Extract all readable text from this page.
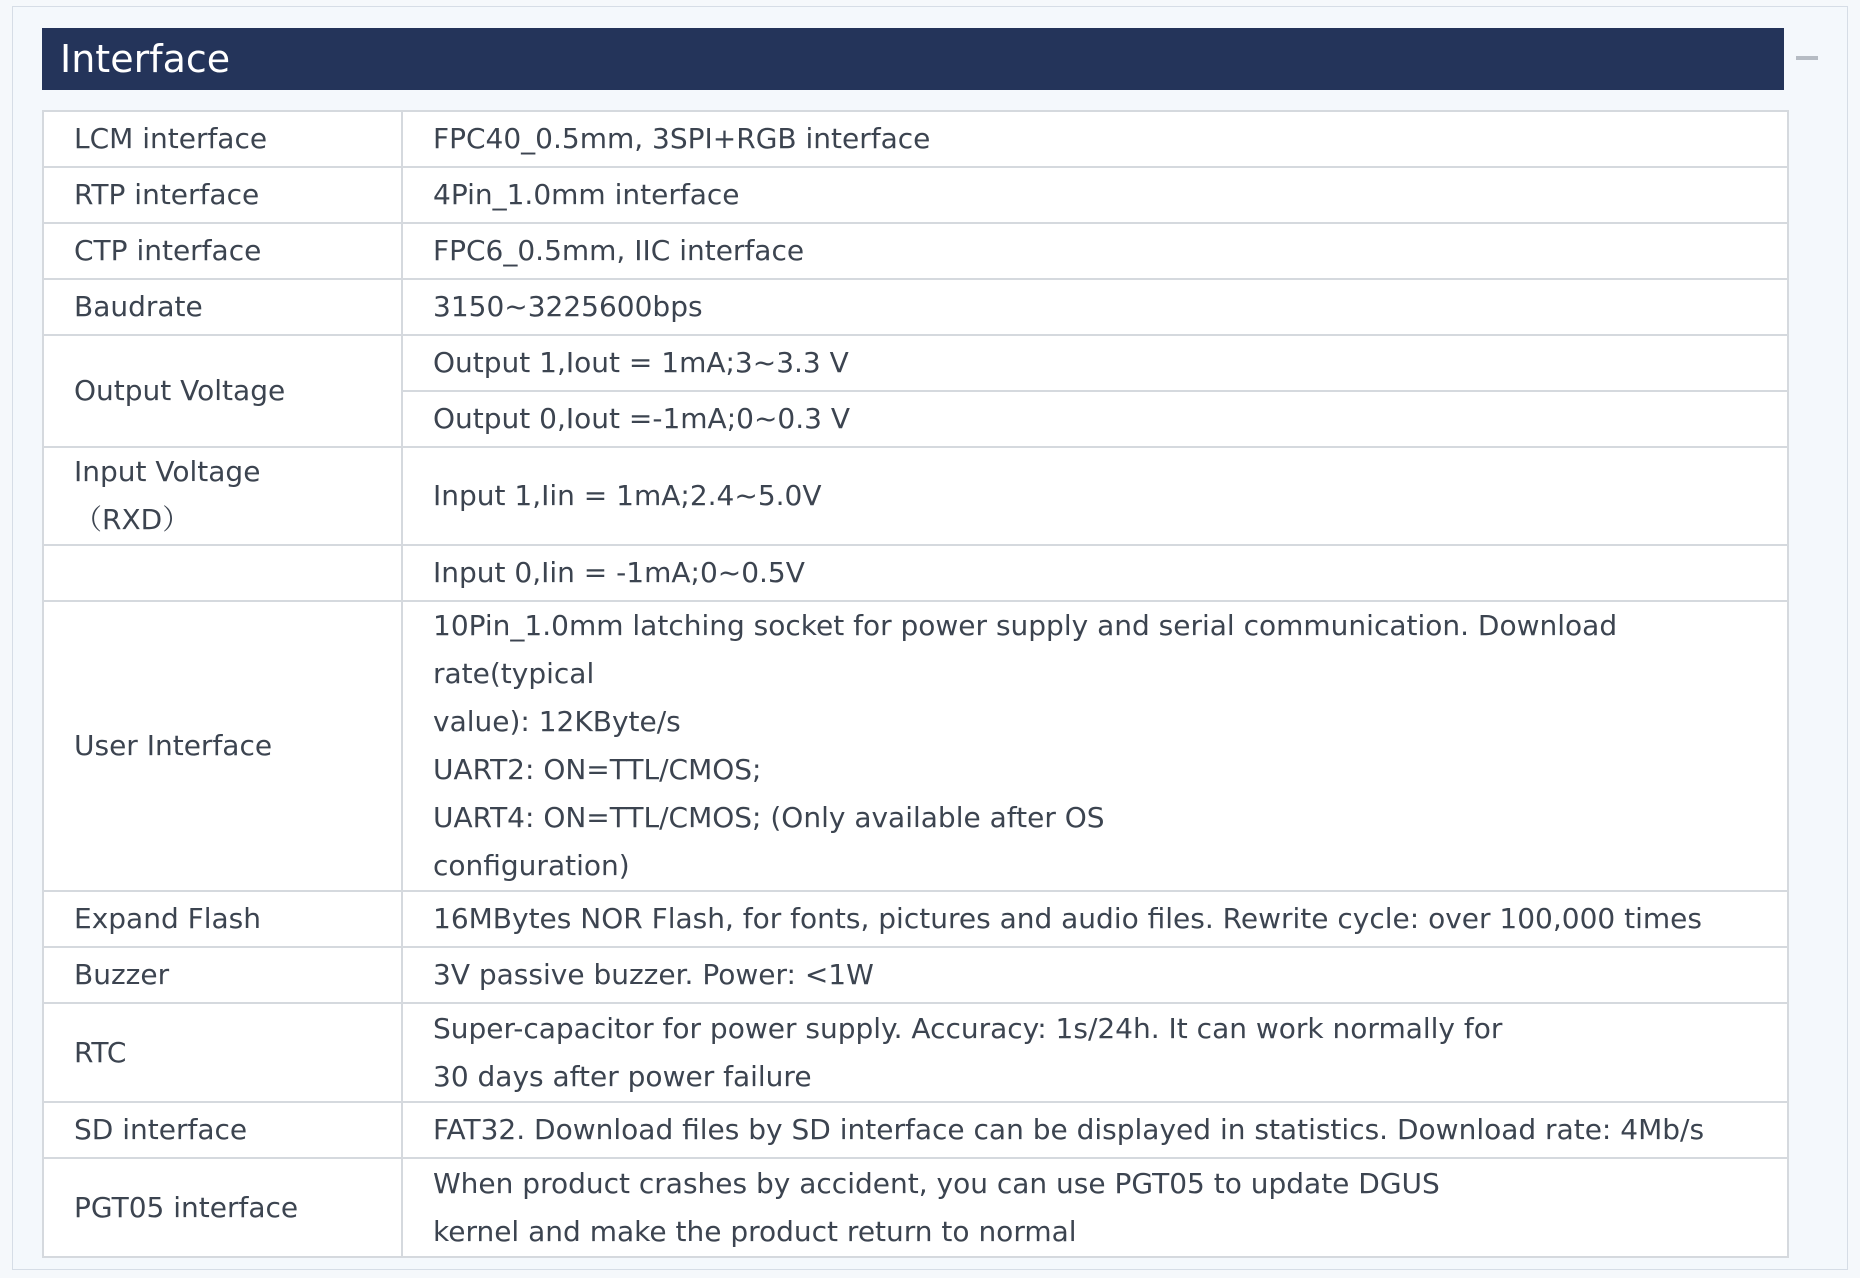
Interface
LCM interface	FPC40_0.5mm, 3SPI+RGB interface
RTP interface	4Pin_1.0mm interface
CTP interface	FPC6_0.5mm, IIC interface
Baudrate	3150~3225600bps
Output Voltage	Output 1,Iout = 1mA;3~3.3 V
	Output 0,Iout =-1mA;0~0.3 V

Input Voltage
（RXD）	Input 1,Iin = 1mA;2.4~5.0V
	Input 0,Iin = -1mA;0~0.5V
User Interface	10Pin_1.0mm latching socket for power supply and serial communication. Download rate(typical
value): 12KByte/s
UART2: ON=TTL/CMOS;
UART4: ON=TTL/CMOS; (Only available after OS
configuration)

Expand Flash	16MBytes NOR Flash, for fonts, pictures and audio files. Rewrite cycle: over 100,000 times
Buzzer	3V passive buzzer. Power: <1W
RTC	Super-capacitor for power supply. Accuracy: 1s/24h. It can work normally for
30 days after power failure

SD interface	FAT32. Download files by SD interface can be displayed in statistics. Download rate: 4Mb/s
PGT05 interface	When product crashes by accident, you can use PGT05 to update DGUS
kernel and make the product return to normal
